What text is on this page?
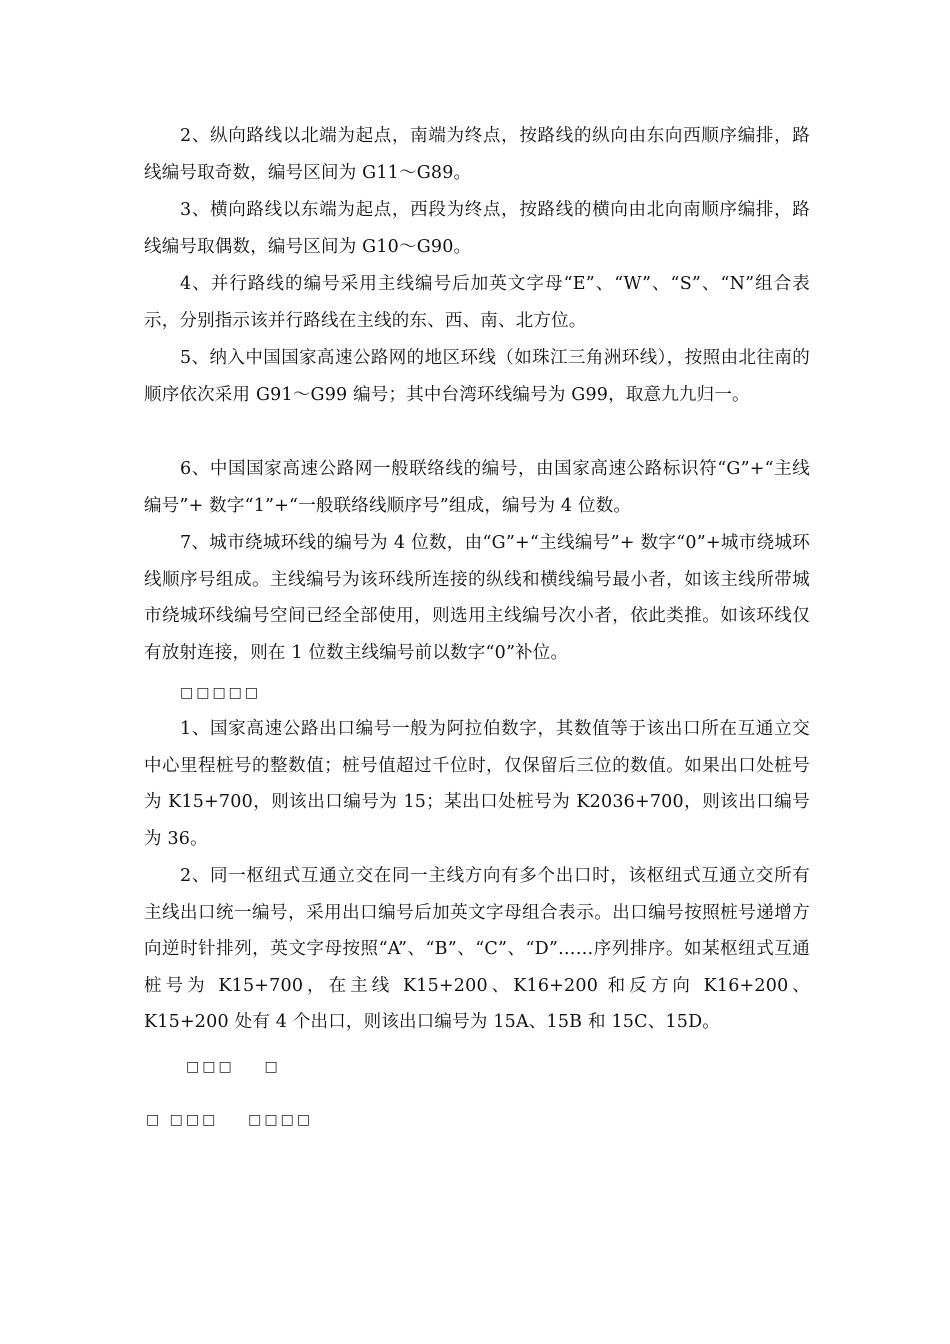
2、纵向路线以北端为起点，南端为终点，按路线的纵向由东向西顺序编排，路线编号取奇数，编号区间为 G11～G89。

3、横向路线以东端为起点，西段为终点，按路线的横向由北向南顺序编排，路线编号取偶数，编号区间为 G10～G90。

4、并行路线的编号采用主线编号后加英文字母“E”、“W”、“S”、“N”组合表示，分别指示该并行路线在主线的东、西、南、北方位。

5、纳入中国国家高速公路网的地区环线（如珠江三角洲环线），按照由北往南的顺序依次采用 G91～G99 编号；其中台湾环线编号为 G99，取意九九归一。

6、中国国家高速公路网一般联络线的编号，由国家高速公路标识符“G”+“主线编号”+ 数字“1”+“一般联络线顺序号”组成，编号为 4 位数。

7、城市绕城环线的编号为 4 位数，由“G”+“主线编号”+ 数字“0”+城市绕城环线顺序号组成。主线编号为该环线所连接的纵线和横线编号最小者，如该主线所带城市绕城环线编号空间已经全部使用，则选用主线编号次小者，依此类推。如该环线仅有放射连接，则在 1 位数主线编号前以数字“0”补位。

□□□□□

1、国家高速公路出口编号一般为阿拉伯数字，其数值等于该出口所在互通立交中心里程桩号的整数值；桩号值超过千位时，仅保留后三位的数值。如果出口处桩号为 K15+700，则该出口编号为 15；某出口处桩号为 K2036+700，则该出口编号为 36。

2、同一枢纽式互通立交在同一主线方向有多个出口时，该枢纽式互通立交所有主线出口统一编号，采用出口编号后加英文字母组合表示。出口编号按照桩号递增方向逆时针排列，英文字母按照“A”、“B”、“C”、“D”……序列排序。如某枢纽式互通桩号为 K15+700，在主线 K15+200、K16+200 和反方向 K16+200、K15+200 处有 4 个出口，则该出口编号为 15A、15B 和 15C、15D。

□□□    □
□ □□□    □□□□
